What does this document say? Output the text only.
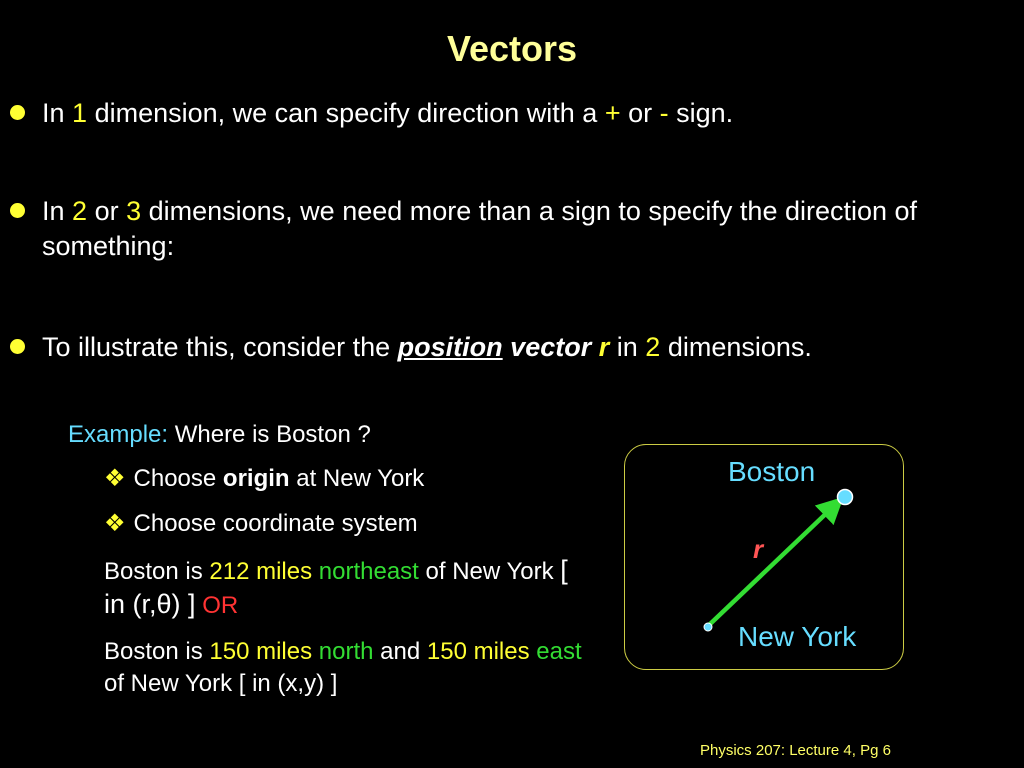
Vectors
In 1 dimension, we can specify direction with a + or - sign.
In 2 or 3 dimensions, we need more than a sign to specify the direction of something:
To illustrate this, consider the position vector r in 2 dimensions.
Example: Where is Boston ?
❖ Choose origin at New York
❖ Choose coordinate system
Boston is 212 miles northeast of New York [ in (r,θ) ] OR
Boston is 150 miles north and 150 miles east of New York [ in (x,y) ]
Boston
New York
r
Physics 207: Lecture 4, Pg 6
